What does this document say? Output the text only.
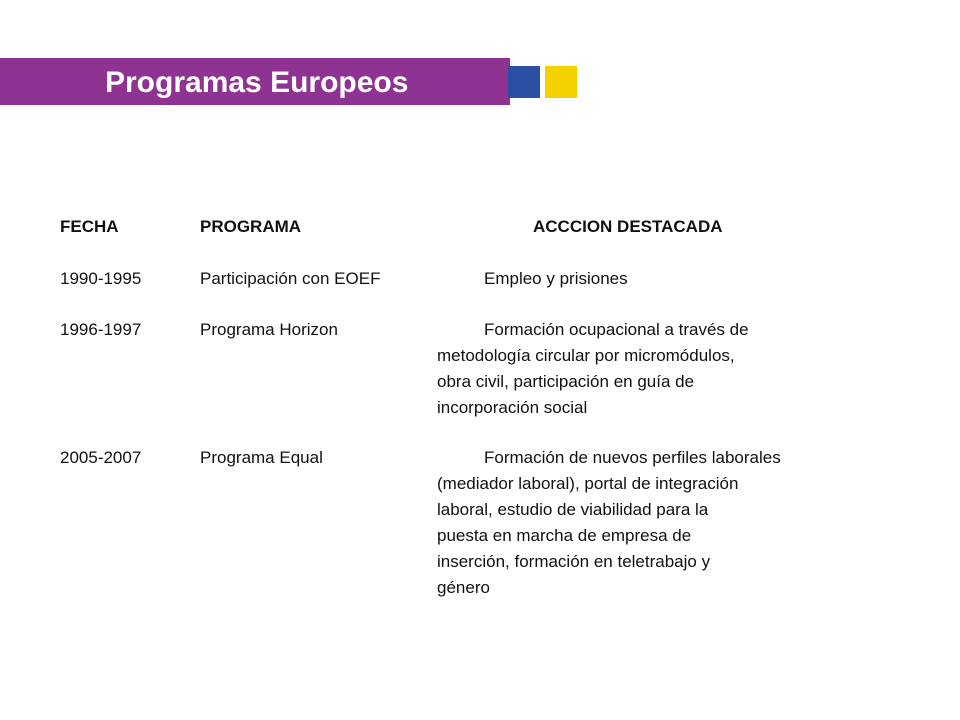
Programas Europeos
FECHA	PROGRAMA	ACCCION DESTACADA
1990-1995	Participación con EOEF	Empleo y prisiones
1996-1997	Programa Horizon	Formación ocupacional a través de
metodología circular por micromódulos,
obra civil, participación en guía de
incorporación social
2005-2007	Programa Equal	Formación de nuevos perfiles laborales
(mediador laboral), portal de integración
laboral, estudio de viabilidad para la
puesta en marcha de empresa de
inserción, formación en teletrabajo y
género
